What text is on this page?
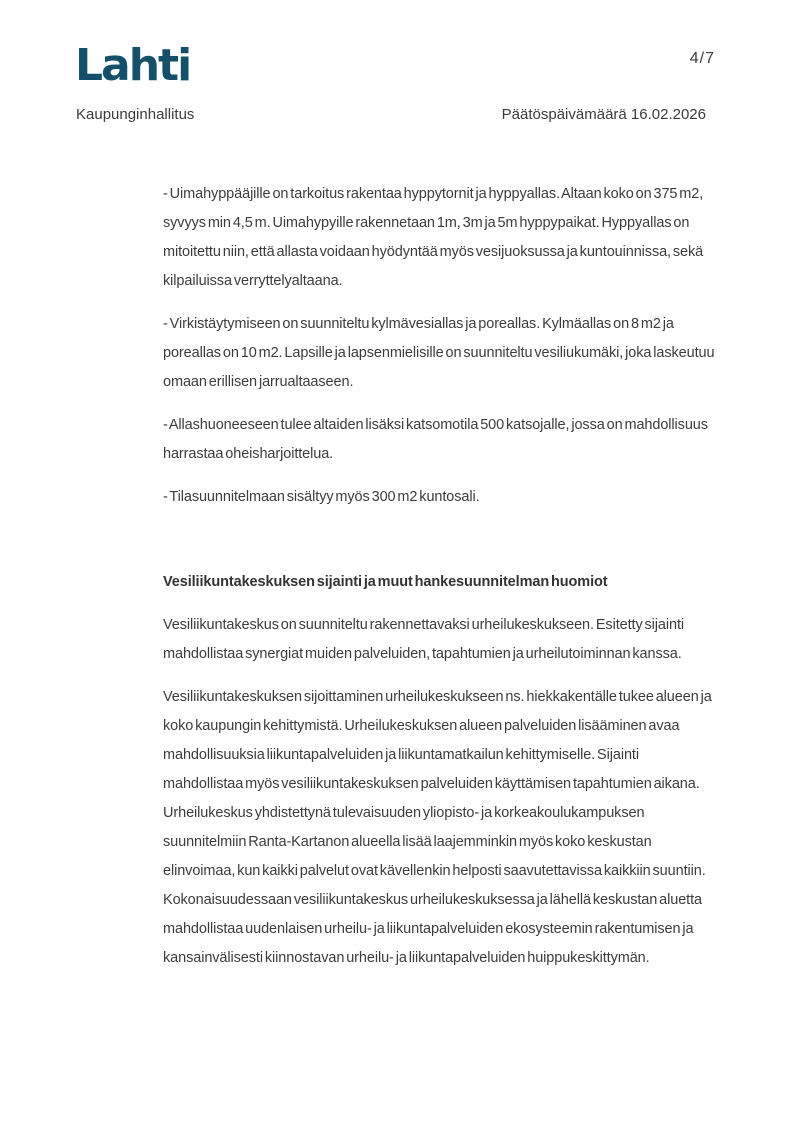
Lahti	4/7
Kaupunginhallitus	Päätöspäivämäärä 16.02.2026

- Uimahyppääjille on tarkoitus rakentaa hyppytornit ja hyppyallas. Altaan koko on 375 m2, syvyys min 4,5 m. Uimahypyille rakennetaan 1m, 3m ja 5m hyppypaikat. Hyppyallas on mitoitettu niin, että allasta voidaan hyödyntää myös vesijuoksussa ja kuntouinnissa, sekä kilpailuissa verryttelyaltaana.

- Virkistäytymiseen on suunniteltu kylmävesiallas ja poreallas. Kylmäallas on 8 m2 ja poreallas on 10 m2. Lapsille ja lapsenmielisille on suunniteltu vesiliukumäki, joka laskeutuu omaan erillisen jarrualtaaseen.

- Allashuoneeseen tulee altaiden lisäksi katsomotila 500 katsojalle, jossa on mahdollisuus harrastaa oheisharjoittelua.

- Tilasuunnitelmaan sisältyy myös 300 m2 kuntosali.

Vesiliikuntakeskuksen sijainti ja muut hankesuunnitelman huomiot

Vesiliikuntakeskus on suunniteltu rakennettavaksi urheilukeskukseen. Esitetty sijainti mahdollistaa synergiat muiden palveluiden, tapahtumien ja urheilutoiminnan kanssa.

Vesiliikuntakeskuksen sijoittaminen urheilukeskukseen ns. hiekkakentälle tukee alueen ja koko kaupungin kehittymistä. Urheilukeskuksen alueen palveluiden lisääminen avaa mahdollisuuksia liikuntapalveluiden ja liikuntamatkailun kehittymiselle. Sijainti mahdollistaa myös vesiliikuntakeskuksen palveluiden käyttämisen tapahtumien aikana. Urheilukeskus yhdistettynä tulevaisuuden yliopisto- ja korkeakoulukampuksen suunnitelmiin Ranta-Kartanon alueella lisää laajemminkin myös koko keskustan elinvoimaa, kun kaikki palvelut ovat kävellenkin helposti saavutettavissa kaikkiin suuntiin. Kokonaisuudessaan vesiliikuntakeskus urheilukeskuksessa ja lähellä keskustan aluetta mahdollistaa uudenlaisen urheilu- ja liikuntapalveluiden ekosysteemin rakentumisen ja kansainvälisesti kiinnostavan urheilu- ja liikuntapalveluiden huippukeskittymän.
